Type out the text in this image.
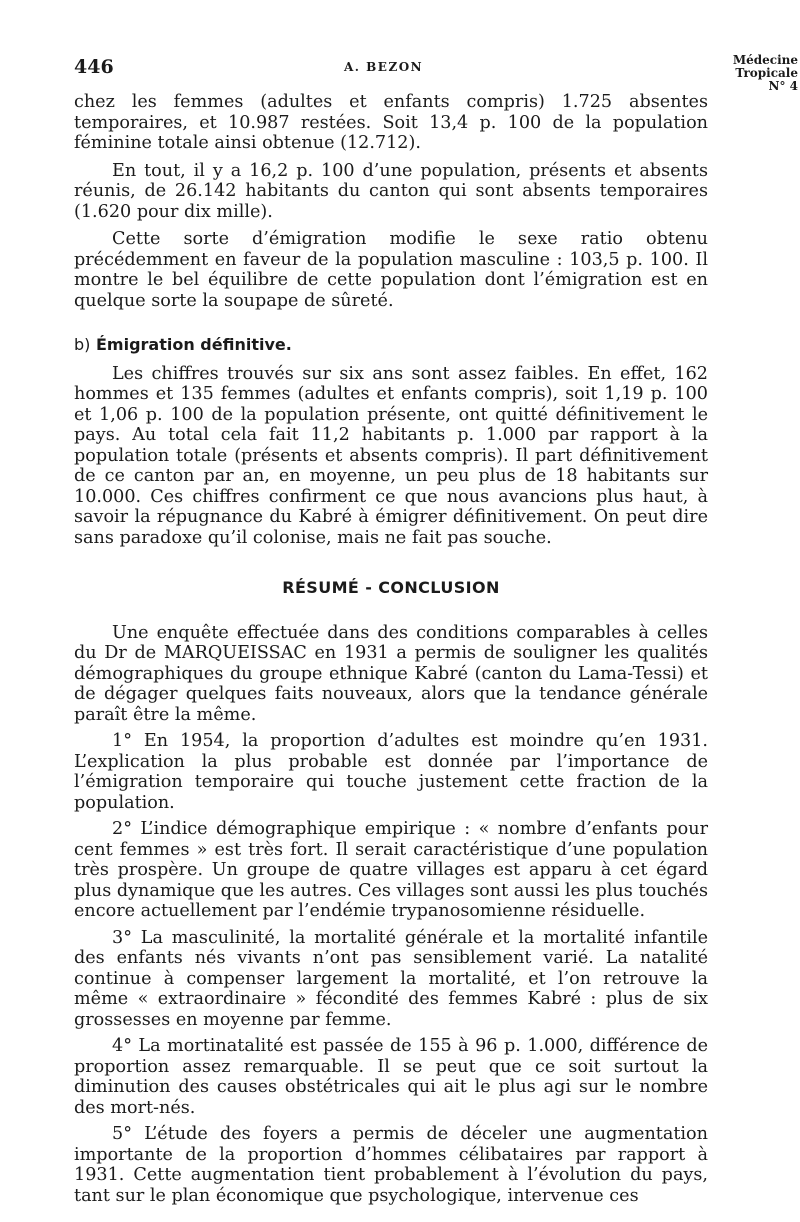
446	A. BEZON	Médecine
Tropicale
N° 4

chez les femmes (adultes et enfants compris) 1.725 absentes temporaires, et 10.987 restées. Soit 13,4 p. 100 de la population féminine totale ainsi obtenue (12.712).

En tout, il y a 16,2 p. 100 d’une population, présents et absents réunis, de 26.142 habitants du canton qui sont absents temporaires (1.620 pour dix mille).

Cette sorte d’émigration modifie le sexe ratio obtenu précédemment en faveur de la population masculine : 103,5 p. 100. Il montre le bel équilibre de cette population dont l’émigration est en quelque sorte la soupape de sûreté.

b) Émigration définitive.

Les chiffres trouvés sur six ans sont assez faibles. En effet, 162 hommes et 135 femmes (adultes et enfants compris), soit 1,19 p. 100 et 1,06 p. 100 de la population présente, ont quitté définitivement le pays. Au total cela fait 11,2 habitants p. 1.000 par rapport à la population totale (présents et absents compris). Il part définitivement de ce canton par an, en moyenne, un peu plus de 18 habitants sur 10.000. Ces chiffres confirment ce que nous avancions plus haut, à savoir la répugnance du Kabré à émigrer définitivement. On peut dire sans paradoxe qu’il colonise, mais ne fait pas souche.

RÉSUMÉ - CONCLUSION

Une enquête effectuée dans des conditions comparables à celles du Dr de MARQUEISSAC en 1931 a permis de souligner les qualités démographiques du groupe ethnique Kabré (canton du Lama-Tessi) et de dégager quelques faits nouveaux, alors que la tendance générale paraît être la même.

1° En 1954, la proportion d’adultes est moindre qu’en 1931. L’explication la plus probable est donnée par l’importance de l’émigration temporaire qui touche justement cette fraction de la population.

2° L’indice démographique empirique : « nombre d’enfants pour cent femmes » est très fort. Il serait caractéristique d’une population très prospère. Un groupe de quatre villages est apparu à cet égard plus dynamique que les autres. Ces villages sont aussi les plus touchés encore actuellement par l’endémie trypanosomienne résiduelle.

3° La masculinité, la mortalité générale et la mortalité infantile des enfants nés vivants n’ont pas sensiblement varié. La natalité continue à compenser largement la mortalité, et l’on retrouve la même « extraordinaire » fécondité des femmes Kabré : plus de six grossesses en moyenne par femme.

4° La mortinatalité est passée de 155 à 96 p. 1.000, différence de proportion assez remarquable. Il se peut que ce soit surtout la diminution des causes obstétricales qui ait le plus agi sur le nombre des mort-nés.

5° L’étude des foyers a permis de déceler une augmentation importante de la proportion d’hommes célibataires par rapport à 1931. Cette augmentation tient probablement à l’évolution du pays, tant sur le plan économique que psychologique, intervenue ces
